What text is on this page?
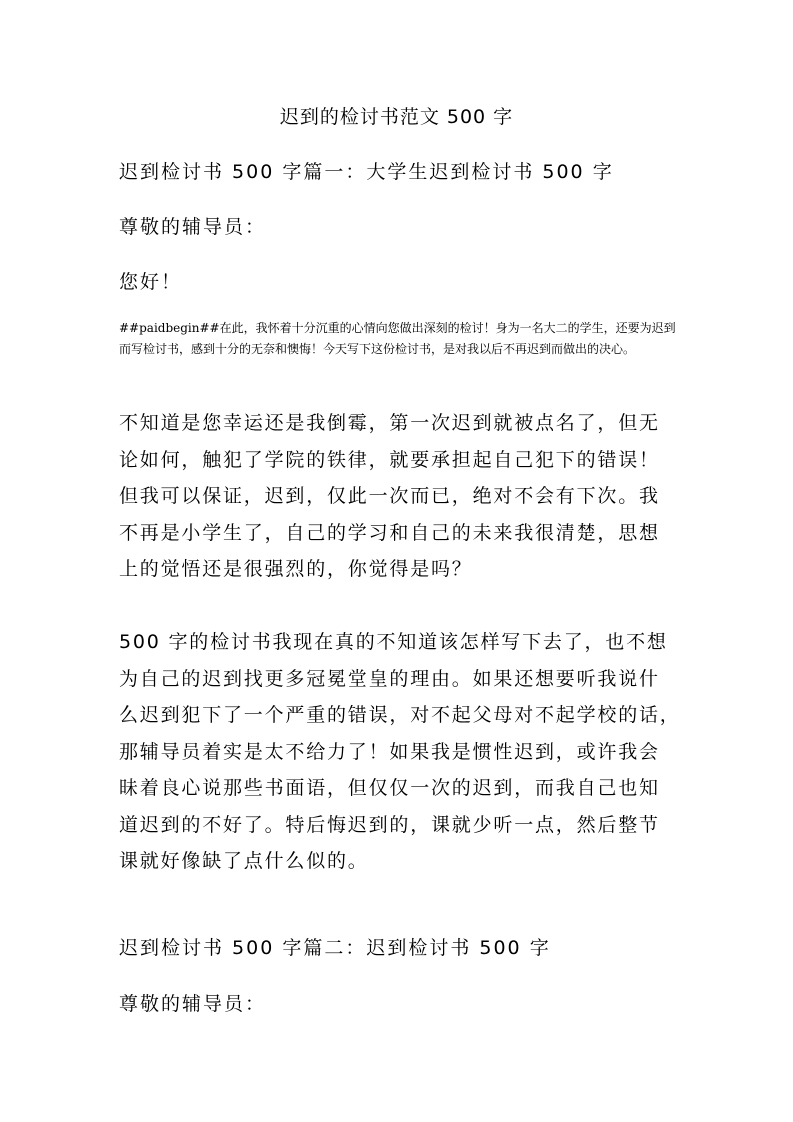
迟到的检讨书范文 500 字
迟到检讨书 500 字篇一：大学生迟到检讨书 500 字

尊敬的辅导员：

您好！

##paidbegin##在此，我怀着十分沉重的心情向您做出深刻的检讨！身为一名大二的学生，还要为迟到而写检讨书，感到十分的无奈和懊悔！今天写下这份检讨书，是对我以后不再迟到而做出的决心。

不知道是您幸运还是我倒霉，第一次迟到就被点名了，但无
论如何，触犯了学院的铁律，就要承担起自己犯下的错误！
但我可以保证，迟到，仅此一次而已，绝对不会有下次。我
不再是小学生了，自己的学习和自己的未来我很清楚，思想
上的觉悟还是很强烈的，你觉得是吗？
500 字的检讨书我现在真的不知道该怎样写下去了，也不想
为自己的迟到找更多冠冕堂皇的理由。如果还想要听我说什
么迟到犯下了一个严重的错误，对不起父母对不起学校的话，
那辅导员着实是太不给力了！如果我是惯性迟到，或许我会
昧着良心说那些书面语，但仅仅一次的迟到，而我自己也知
道迟到的不好了。特后悔迟到的，课就少听一点，然后整节
课就好像缺了点什么似的。
迟到检讨书 500 字篇二：迟到检讨书 500 字

尊敬的辅导员：
